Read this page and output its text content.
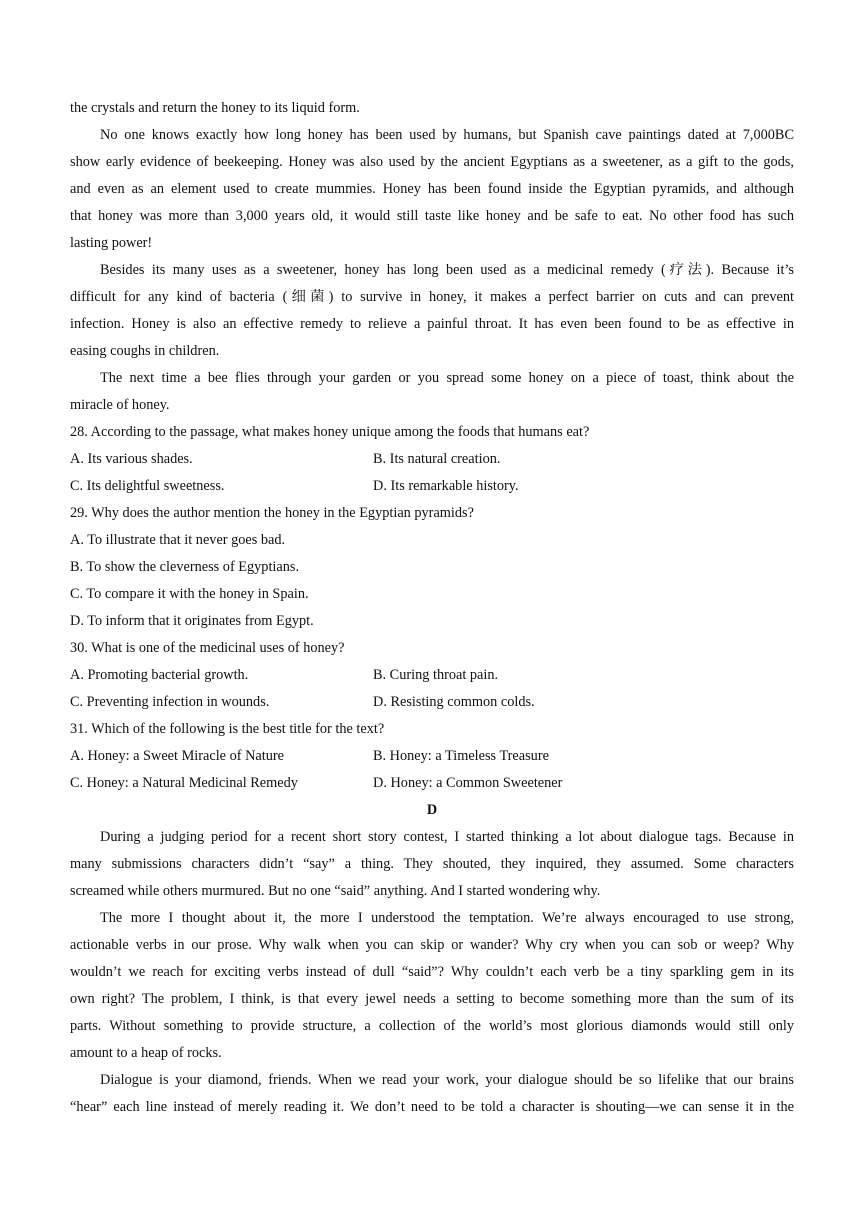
the crystals and return the honey to its liquid form.
No one knows exactly how long honey has been used by humans, but Spanish cave paintings dated at 7,000BC
show early evidence of beekeeping. Honey was also used by the ancient Egyptians as a sweetener, as a gift to the gods,
and even as an element used to create mummies. Honey has been found inside the Egyptian pyramids, and although
that honey was more than 3,000 years old, it would still taste like honey and be safe to eat. No other food has such
lasting power!
Besides its many uses as a sweetener, honey has long been used as a medicinal remedy (疗法). Because it’s
difficult for any kind of bacteria (细菌) to survive in honey, it makes a perfect barrier on cuts and can prevent
infection. Honey is also an effective remedy to relieve a painful throat. It has even been found to be as effective in
easing coughs in children.
The next time a bee flies through your garden or you spread some honey on a piece of toast, think about the
miracle of honey.
28. According to the passage, what makes honey unique among the foods that humans eat?
A. Its various shades.	B. Its natural creation.
C. Its delightful sweetness.	D. Its remarkable history.
29. Why does the author mention the honey in the Egyptian pyramids?
A. To illustrate that it never goes bad.
B. To show the cleverness of Egyptians.
C. To compare it with the honey in Spain.
D. To inform that it originates from Egypt.
30. What is one of the medicinal uses of honey?
A. Promoting bacterial growth.	B. Curing throat pain.
C. Preventing infection in wounds.	D. Resisting common colds.
31. Which of the following is the best title for the text?
A. Honey: a Sweet Miracle of Nature	B. Honey: a Timeless Treasure
C. Honey: a Natural Medicinal Remedy	D. Honey: a Common Sweetener
D
During a judging period for a recent short story contest, I started thinking a lot about dialogue tags. Because in
many submissions characters didn’t “say” a thing. They shouted, they inquired, they assumed. Some characters
screamed while others murmured. But no one “said” anything. And I started wondering why.
The more I thought about it, the more I understood the temptation. We’re always encouraged to use strong,
actionable verbs in our prose. Why walk when you can skip or wander? Why cry when you can sob or weep? Why
wouldn’t we reach for exciting verbs instead of dull “said”? Why couldn’t each verb be a tiny sparkling gem in its
own right? The problem, I think, is that every jewel needs a setting to become something more than the sum of its
parts. Without something to provide structure, a collection of the world’s most glorious diamonds would still only
amount to a heap of rocks.
Dialogue is your diamond, friends. When we read your work, your dialogue should be so lifelike that our brains
“hear” each line instead of merely reading it. We don’t need to be told a character is shouting—we can sense it in the
